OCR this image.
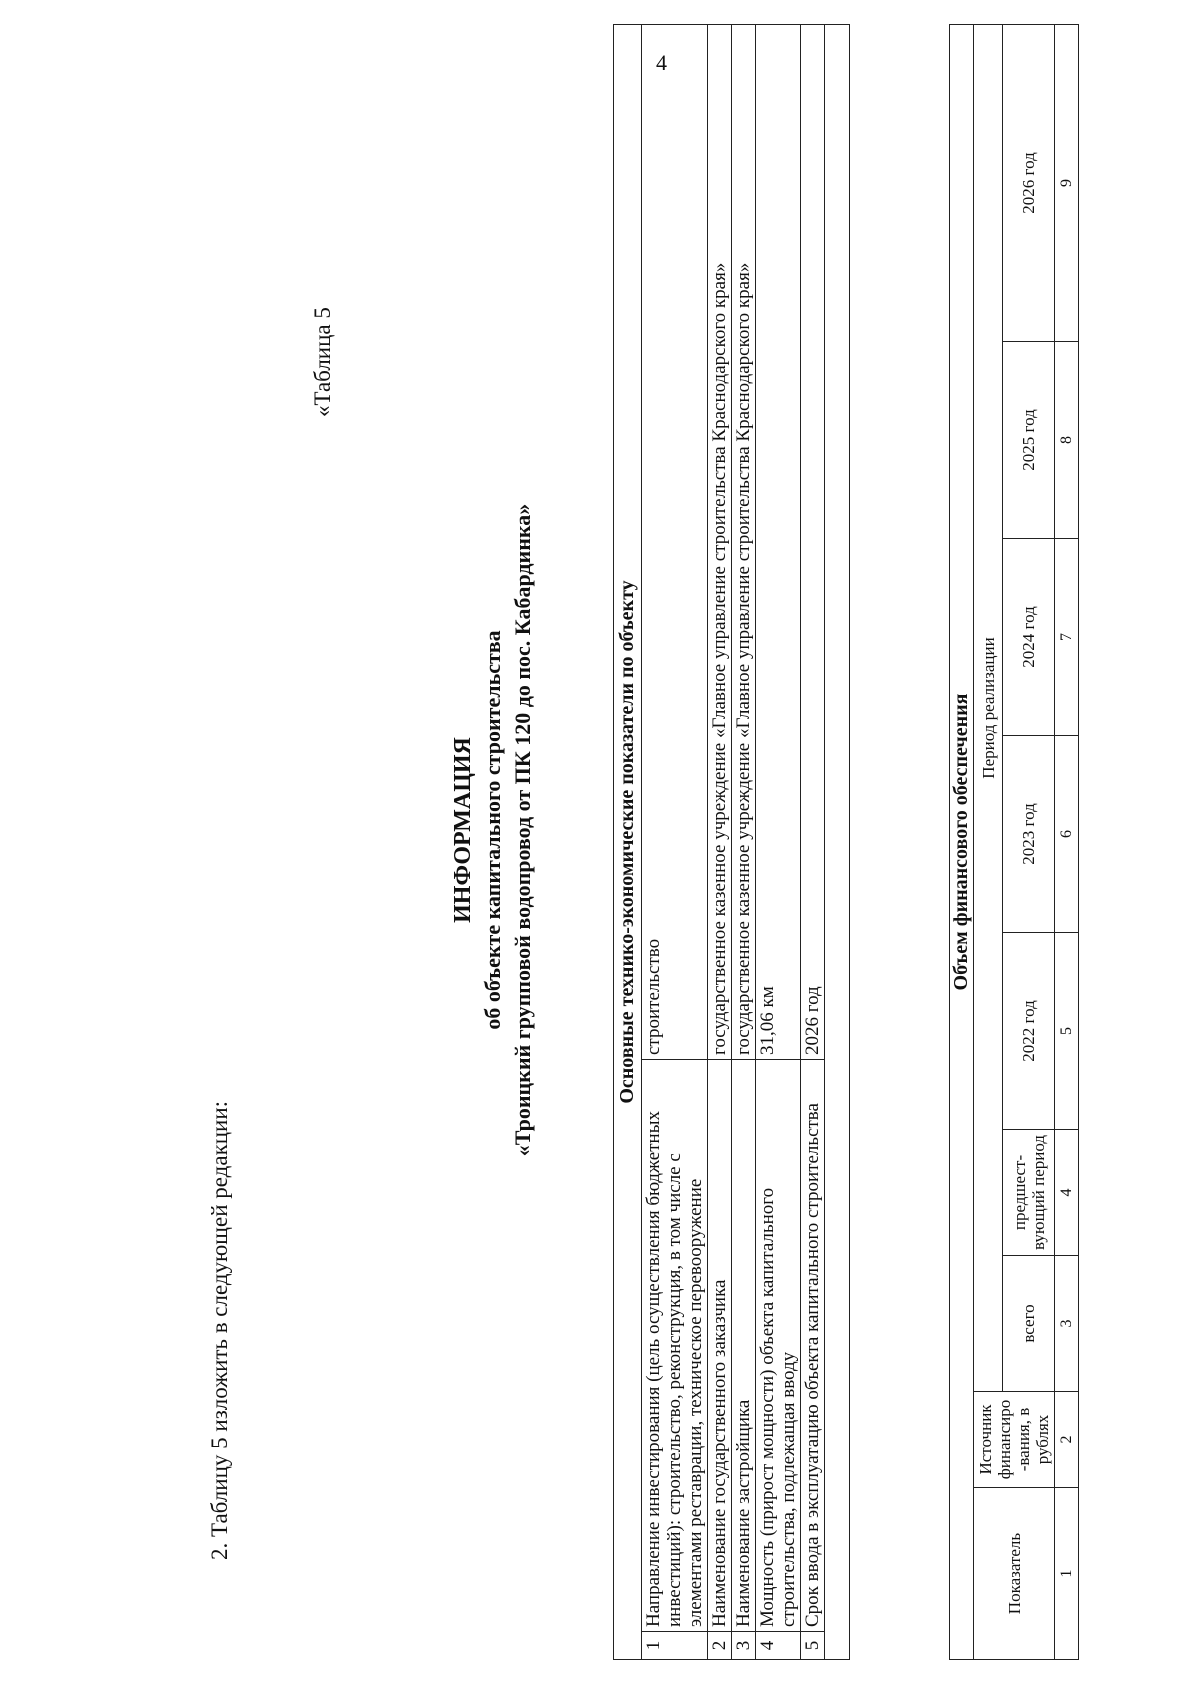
4
2. Таблицу 5 изложить в следующей редакции:
«Таблица 5
ИНФОРМАЦИЯ об объекте капитального строительства «Троицкий групповой водопровод от ПК 120 до пос. Кабардинка»	Основные технико-экономические показатели по объекту		
1	Направление инвестирования (цель осуществления бюджетных инвестиций): строительство, реконструкция, в том числе с элементами реставрации, техническое перевооружение	строительство
2	Наименование государственного заказчика	государственное казенное учреждение «Главное управление строительства Краснодарского края»
3	Наименование застройщика	государственное казенное учреждение «Главное управление строительства Краснодарского края»
4	Мощность (прирост мощности) объекта капитального строительства, подлежащая вводу	31,06 км
5	Срок ввода в эксплуатацию объекта капитального строительства	2026 год

Объем финансового обеспечения								
Показатель	Источник финансиро -вания, в рублях	Период реализации						
		всего	предшест- вующий период	2022 год	2023 год	2024 год	2025 год	2026 год
1	2	3	4	5	6	7	8	9
